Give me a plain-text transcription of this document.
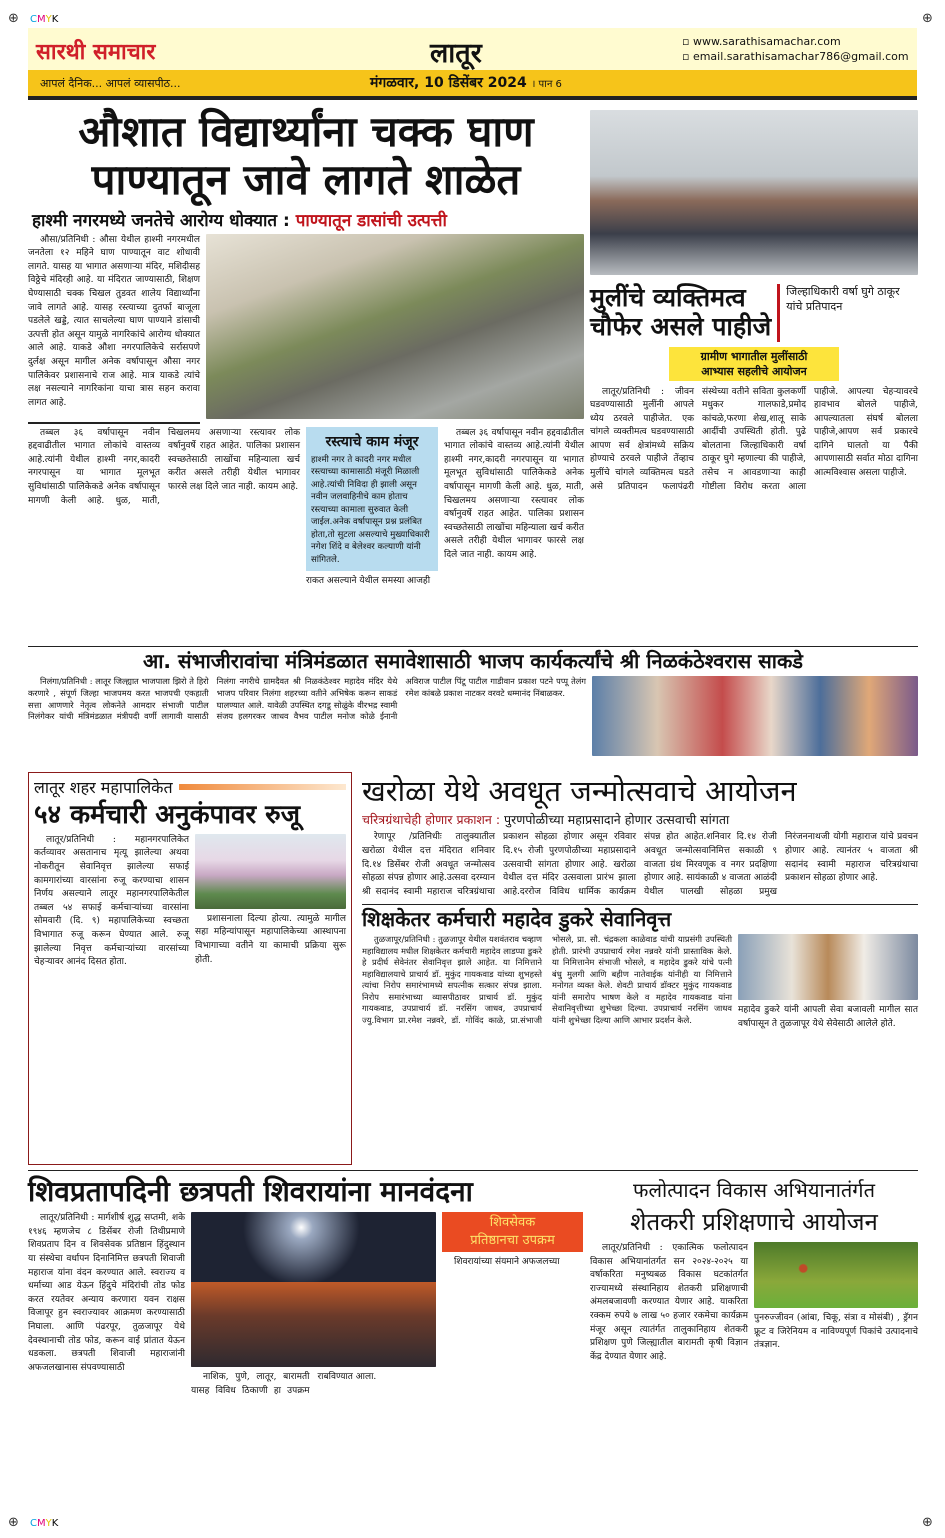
CMYK
⊕	⊕
सारथी समाचार	लातूर	▫ www.sarathisamachar.com
▫ email.sarathisamachar786@gmail.com
आपलं दैनिक... आपलं व्यासपीठ...	मंगळवार, 10 डिसेंबर 2024 । पान 6
औशात विद्यार्थ्यांना चक्क घाण
पाण्यातून जावे लागते शाळेत
हाश्मी नगरमध्ये जनतेचे आरोग्य धोक्यात : पाण्यातून डासांची उत्पत्ती

औसा/प्रतिनिधी : औसा येथील हाश्मी नगरमधील जनतेला १२ महिने घाण पाण्यातून वाट शोधावी लागते. यासह या भागात असणाऱ्या मंदिर, मशिदीसह विठ्ठेचे मंदिरही आहे. या मंदिरात जाण्यासाठी, शिक्षण घेण्यासाठी चक्क चिखल तुडवत शालेय विद्यार्थ्यांना जावे लागते आहे. यासह रस्त्याच्या दुतर्फा बाजूला पडलेले खड्डे, त्यात साचलेल्या घाण पाण्याने डांसाची उत्पत्ती होत असून यामुळे नागरिकांचे आरोग्य धोक्यात आले आहे. याकडे औशा नगरपालिकेचे सर्रासपणे दुर्लक्ष असून मागील अनेक वर्षापासून औसा नगर पालिकेवर प्रशासनाचे राज आहे. मात्र याकडे त्यांचे लक्ष नसल्याने नागरिकांना याचा त्रास सहन करावा लागत आहे.

तब्बल ३६ वर्षापासून नवीन हद्दवाढीतील भागात लोकांचे वास्तव्य आहे.त्यांनी येथील हाश्मी नगर,कादरी नगरपासून या भागात मूलभूत सुविधांसाठी पालिकेकडे अनेक वर्षापासून मागणी केली आहे. धुळ, माती, चिखलमय असणाऱ्या रस्त्यावर लोक वर्षानुवर्षे राहत आहेत. पालिका प्रशासन स्वच्छतेसाठी लाखोंचा महिन्याला खर्च करीत असले तरीही येथील भागावर फारसे लक्ष दिले जात नाही. कायम आहे.

रस्त्याचे काम मंजूर
हाश्मी नगर ते कादरी नगर मधील रस्त्याच्या कामासाठी मंजूरी मिळाली आहे.त्यांची निविदा ही झाली असून नवीन जलवाहिनीचे काम होताच रस्त्याच्या कामाला सुरुवात केली जाईल.अनेक वर्षापासून प्रश्न प्रलंबित होता,तो सुटला असल्याचे मुख्याधिकारी नगेश शिंदे व बेलेश्वर कल्याणी यांनी सांगितले.
राकत असल्याने येथील समस्या आजही

तब्बल ३६ वर्षापासून नवीन हद्दवाढीतील भागात लोकांचे वास्तव्य आहे.त्यांनी येथील हाश्मी नगर,कादरी नगरपासून या भागात मूलभूत सुविधांसाठी पालिकेकडे अनेक वर्षापासून मागणी केली आहे. धुळ, माती, चिखलमय असणाऱ्या रस्त्यावर लोक वर्षानुवर्षे राहत आहेत. पालिका प्रशासन स्वच्छतेसाठी लाखोंचा महिन्याला खर्च करीत असले तरीही येथील भागावर फारसे लक्ष दिले जात नाही. कायम आहे.

मुलींचे व्यक्तिमत्व
चौफेर असले पाहीजे
जिल्हाधिकारी वर्षा घुगे ठाकूर यांचे प्रतिपादन
ग्रामीण भागातील मुलींसाठी
आभ्यास सहलीचे आयोजन

लातूर/प्रतिनिधी : जीवन घडवण्यासाठी मुलींनी आपले ध्येय ठरवले पाहीजेत. एक चांगले व्यक्तीमत्व घडवण्यासाठी आपण सर्व क्षेत्रांमध्ये सक्रिय होण्याचे ठरवले पाहीजे तेंव्हाच मुलींचे चांगले व्यक्तिमत्व घडते असे प्रतिपादन फलापंढरी संस्थेच्या वतीने सविता कुलकर्णी मधुकर गालफाडे,प्रमोद कांचळे,फरणा शेख,शालू साके आदींची उपस्थिती होती. पुढे बोलताना जिल्हाधिकारी वर्षा ठाकूर घुगे म्हणाल्या की पाहीजे, तसेच न आवडणाऱ्या काही गोष्टीला विरोध करता आला पाहीजे. आपल्या चेहऱ्यावरचे हावभाव बोलले पाहीजे, आपल्यातला संघर्ष बोलला पाहीजे,आपण सर्व प्रकारचे दागिने घालतो या पैकी आपणासाठी सर्वात मोठा दागिना आत्मविश्वास असला पाहीजे.

आ. संभाजीरावांचा मंत्रिमंडळात समावेशासाठी भाजप कार्यकर्त्यांचे श्री निळकंठेश्वरास साकडे

निलंगा/प्रतिनिधी : लातूर जिल्ह्यात भाजपाला झिरो ते हिरो करणारे , संपूर्ण जिल्हा भाजपमय करत भाजपची एकहाती सत्ता आणणारे नेतृत्व लोकनेते आमदार संभाजी पाटील निलंगेकर यांची मंत्रिमंडळात मंत्रीपदी वर्णी लागावी यासाठी निलंगा नगरीचे ग्रामदैवत श्री निळकंठेश्वर महादेव मंदिर येथे भाजप परिवार निलंगा शहरच्या वतीने अभिषेक करून साकडं घालण्यात आले. यावेळी उपस्थित दगडू सोळुंके वीरभद्र स्वामी संजय हलगरकर जाधव वैभव पाटील मनोज कोळे ईनानी अविराज पाटील पिंटू पाटील गाडीवान प्रकाश पटने पप्पू तेलंग रमेश कांबळे प्रकाश नाटकर वरवटे धम्मानंद निंबाळकर.

लातूर शहर महापालिकेत
५४ कर्मचारी अनुकंपावर रुजू

लातूर/प्रतिनिधी : महानगरपालिकेत कर्तव्यावर असतानाच मृत्यू झालेल्या अथवा नोकरीतून सेवानिवृत्त झालेल्या सफाई कामगारांच्या वारसांना रुजू करण्याचा शासन निर्णय असल्याने लातूर महानगरपालिकेतील तब्बल ५४ सफाई कर्मचाऱ्यांच्या वारसांना सोमवारी (दि. ९) महापालिकेच्या स्वच्छता विभागात रुजू करून घेण्यात आले. रुजू झालेल्या निवृत्त कर्मचाऱ्यांच्या वारसांच्या चेहऱ्यावर आनंद दिसत होता.

प्रशासनाला दिल्या होत्या. त्यामुळे मागील सहा महिन्यांपासून महापालिकेच्या आस्थापना विभागाच्या वतीने या कामाची प्रक्रिया सुरू होती.

खरोळा येथे अवधूत जन्मोत्सवाचे आयोजन
चरित्रग्रंथाचेही होणार प्रकाशन : पुरणपोळीच्या महाप्रसादाने होणार उत्सवाची सांगता

रेणापूर /प्रतिनिधीः तालुक्यातील खरोळा येथील दत्त मंदिरात शनिवार दि.१४ डिसेंबर रोजी अवधूत जन्मोत्सव सोहळा संपन्न होणार आहे.उत्सवा दरम्यान श्री सदानंद स्वामी महाराज चरित्रग्रंथाचा प्रकाशन सोहळा होणार असून रविवार दि.१५ रोजी पुरणपोळीच्या महाप्रसादाने उत्सवाची सांगता होणार आहे. खरोळा येथील दत्त मंदिर उत्सवाला प्रारंभ झाला आहे.दररोज विविध धार्मिक कार्यक्रम संपन्न होत आहेत.शनिवार दि.१४ रोजी अवधूत जन्मोत्सवानिमित्त सकाळी ९ वाजता ग्रंथ मिरवणूक व नगर प्रदक्षिणा होणार आहे. सायंकाळी ४ वाजता आळंदी येथील पालखी सोहळा प्रमुख निरंजननाथजी योगी महाराज यांचे प्रवचन होणार आहे. त्यानंतर ५ वाजता श्री सदानंद स्वामी महाराज चरित्रग्रंथाचा प्रकाशन सोहळा होणार आहे.

शिक्षकेतर कर्मचारी महादेव डुकरे सेवानिवृत्त

तुळजापूर/प्रतिनिधी : तुळजापूर येथील यशवंतराव चव्हाण महाविद्यालय मधील शिक्षकेतर कर्मचारी महादेव लाडप्पा डुकरे हे प्रदीर्घ सेवेनंतर सेवानिवृत्त झाले आहेत. या निमित्ताने महाविद्यालयाचे प्राचार्य डॉ. मुकुंद गायकवाड यांच्या शुभहस्ते त्यांचा निरोप समारंभामध्ये सपत्नीक सत्कार संपन्न झाला. निरोप समारंभाच्या व्यासपीठावर प्राचार्य डॉ. मुकुंद गायकवाड, उपप्राचार्य डॉ. नरसिंग जाधव, उपप्राचार्य ज्यु.विभाग प्रा.रमेश नन्नवरे, डॉ. गोविंद काळे, प्रा.संभाजी भोसले, प्रा. सौ. चंद्रकला काळेवाड यांची याप्रसंगी उपस्थिती होती. प्रारंभी उपप्राचार्य रमेश नन्नवरे यांनी प्रास्ताविक केले. या निमित्तानेम संभाजी भोसले, व महादेव डुकरे यांचे पत्नी बंधु मुलगी आणि बहीण नातेवाईक यांनीही या निमित्ताने मनोगत व्यक्त केले. शेवटी प्राचार्य डॉक्टर मुकुंद गायकवाड यांनी समारोप भाषण केले व महादेव गायकवाड यांना सेवानिवृत्तीच्या शुभेच्छा दिल्या. उपप्राचार्य नरसिंग जाधव यांनी शुभेच्छा दिल्या आणि आभार प्रदर्शन केले.

महादेव डुकरे यांनी आपली सेवा बजावली मागील सात वर्षापासून ते तुळजापूर येथे सेवेसाठी आलेले होते.
शिवप्रतापदिनी छत्रपती शिवरायांना मानवंदना

लातूर/प्रतिनिधी : मार्गशीर्ष शुद्ध सप्तमी, शके १९४६ म्हणजेच ८ डिसेंबर रोजी तिथीप्रमाणे शिवप्रताप दिन व शिवसेवक प्रतिष्ठान हिंदुस्थान या संस्थेचा वर्धापन दिनानिमित्त छत्रपती शिवाजी महाराज यांना वंदन करण्यात आले. स्वराज्य व धर्माच्या आड येऊन हिंदुचे मंदिरांची तोड फोड करत रयतेवर अन्याय करणारा यवन राक्षस विजापूर हुन स्वराज्यावर आक्रमण करण्यासाठी निघाला. आणि पंढरपूर, तुळजापूर येथे देवस्थानाची तोड फोड, करून वाई प्रांतात येऊन धडकला. छत्रपती शिवाजी महाराजांनी अफजलखानास संपवण्यासाठी

नाशिक, पुणे, लातूर, बारामती यासह विविध ठिकाणी हा उपक्रम राबविण्यात आला.

शिवसेवक
प्रतिष्ठानचा उपक्रम

शिवरायांच्या संयमाने अफजलच्या

फलोत्पादन विकास अभियानातंर्गत
शेतकरी प्रशिक्षणाचे आयोजन

लातूर/प्रतिनिधी : एकात्मिक फलोत्पादन विकास अभियानांतर्गत सन २०२४-२०२५ या वर्षाकरिता मनुष्यबळ विकास घटकांतर्गत राज्यामध्ये संस्थानिहाय शेतकरी प्रशिक्षणाची अंमलबजावणी करण्यात येणार आहे. याकरिता रक्कम रुपये ७ लाख ५० हजार रकमेचा कार्यक्रम मंजूर असून त्यातंर्गत तालुकानिहाय शेतकरी प्रशिक्षण पुणे जिल्ह्यातील बारामती कृषी विज्ञान केंद्र देण्यात येणार आहे.

पुनरुज्जीवन (आंबा, चिकू, संत्रा व मोसंबी) , ड्रॅगन फ्रूट व जिरेनियम व नाविण्यपूर्ण पिकांचे उत्पादनाचे तंत्रज्ञान.
CMYK
⊕	⊕
